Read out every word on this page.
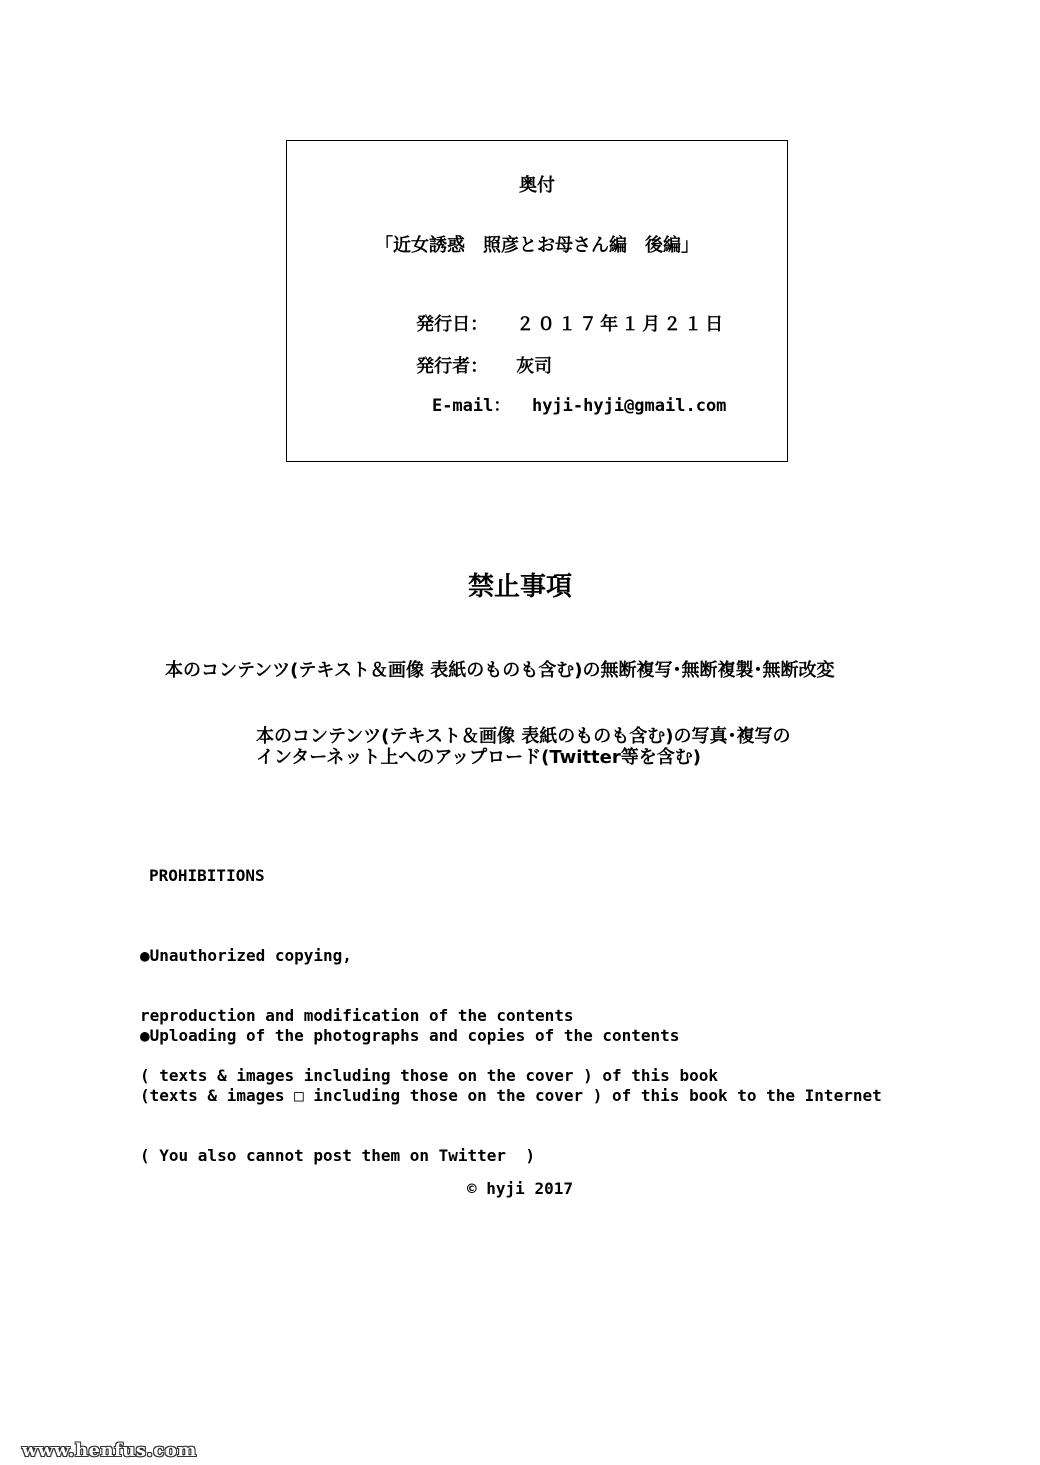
奥付
「近女誘惑　照彦とお母さん編　後編」

発行日： ２０１７年１月２１日

発行者： 灰司

E-mail： hyji-hyji@gmail.com

禁止事項
本のコンテンツ(テキスト＆画像 表紙のものも含む)の無断複写･無断複製･無断改変
本のコンテンツ(テキスト＆画像 表紙のものも含む)の写真･複写の
インターネット上へのアップロード(Twitter等を含む)
PROHIBITIONS

●Unauthorized copying,

reproduction and modification of the contents

( texts & images including those on the cover ) of this book

●Uploading of the photographs and copies of the contents

(texts & images □ including those on the cover ) of this book to the Internet

( You also cannot post them on Twitter  )

© hyji 2017
www.henfus.com
